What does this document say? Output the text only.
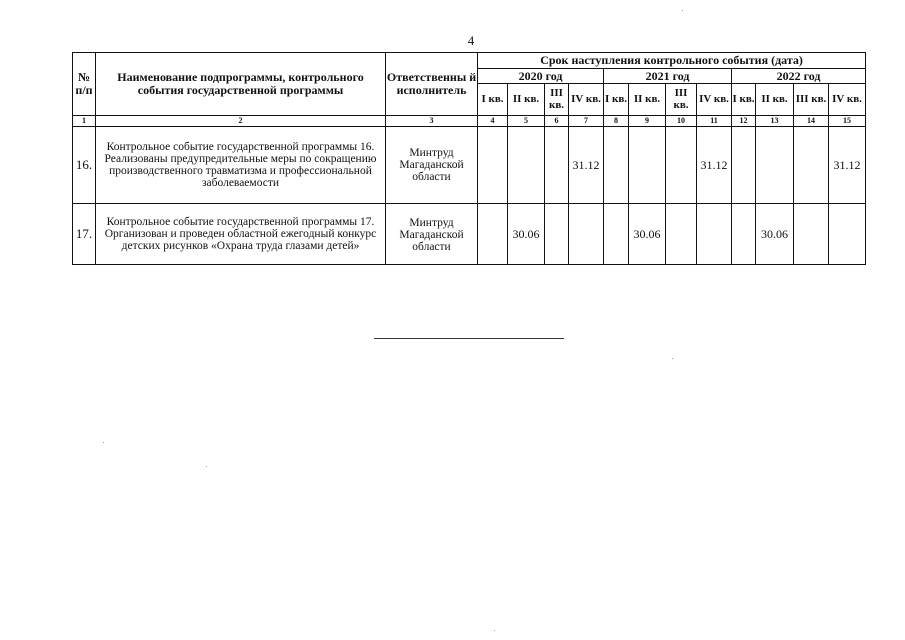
4
№ п/п	Наименование подпрограммы, контрольного события государственной программы	Ответственны й исполнитель	Срок наступления контрольного события (дата)											
			2020 год				2021 год				2022 год			
			I кв.	II кв.	III кв.	IV кв.	I кв.	II кв.	III кв.	IV кв.	I кв.	II кв.	III кв.	IV кв.
1	2	3	4	5	6	7	8	9	10	11	12	13	14	15
16.	Контрольное событие государственной программы 16. Реализованы предупредительные меры по сокращению производственного травматизма и профессиональной заболеваемости	Минтруд Магаданской области				31.12				31.12				31.12
17.	Контрольное событие государственной программы 17. Организован и проведен областной ежегодный конкурс детских рисунков «Охрана труда глазами детей»	Минтруд Магаданской области		30.06				30.06				30.06		
